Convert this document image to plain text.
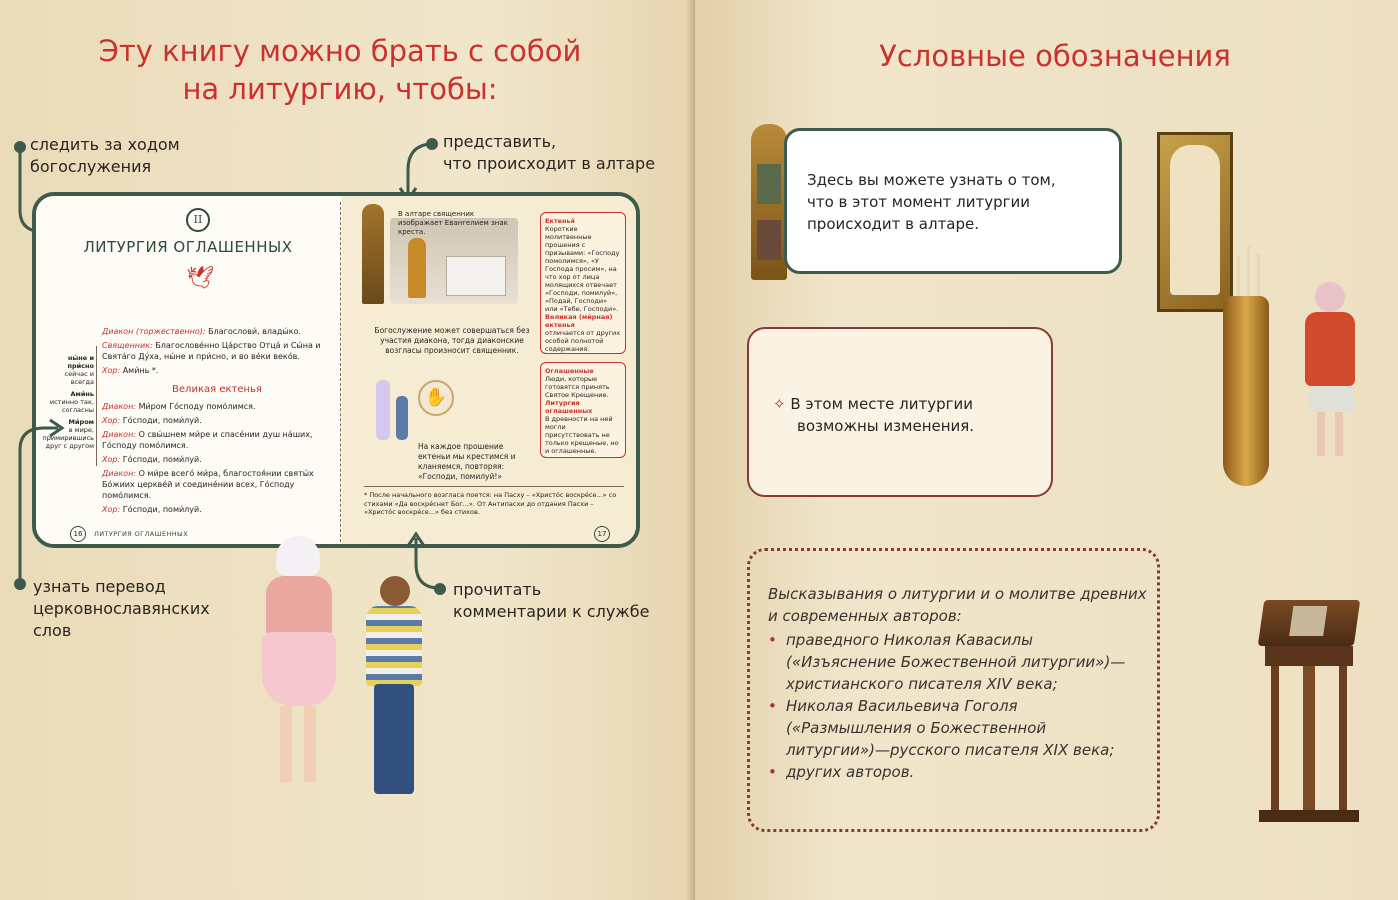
Эту книгу можно брать с собой
на литургию, чтобы:
следить за ходом
богослужения
представить,
что происходит в алтаре
II
ЛИТУРГИЯ ОГЛАШЕННЫХ
🕊
Диакон (торжественно): Благослови́, влады́ко.
Священник: Благослове́нно Ца́рство Отца́ и Сы́на и Свята́го Ду́ха, ны́не и при́сно, и во ве́ки веко́в.
Хор: Ами́нь *.
Великая ектенья
Диакон: Ми́ром Го́споду помо́лимся.
Хор: Го́споди, поми́луй.
Диакон: О свы́шнем ми́ре и спасе́нии душ на́ших, Го́споду помо́лимся.
Хор: Го́споди, поми́луй.
Диакон: О ми́ре всего́ ми́ра, благостоя́нии святы́х Бо́жиих церкве́й и соедине́нии всех, Го́споду помо́лимся.
Хор: Го́споди, поми́луй.
ны́не и при́сно
сейчас и всегда
Ами́нь
истинно так, согласны
Ми́ром
в мире, примирившись друг с другом
16	ЛИТУРГИЯ ОГЛАШЕННЫХ
В алтаре священник изображает Евангелием знак креста.
Богослужение может совершаться без участия диакона, тогда диаконские возгласы произносит священник.
✋
На каждое прошение ектеньи мы крестимся и кланяемся, повторяя: «Господи, помилуй!»
Ектенья́
Короткие молитвенные прошения с призывами: «Господу помолимся», «У Господа просим», на что хор от лица молящихся отвечает «Господи, помилуй», «Подай, Господи» или «Тебе, Господи».
Великая (ми́рная) ектенья
отличается от других особой полнотой содержания.
Оглашенные
Люди, которые готовятся принять Святое Крещение.
Литургия оглашенных
В древности на ней могли присутствовать не только крещеные, но и оглашенные.
* После начального возгласа поется: на Пасху – «Христо́с воскре́се...» со стихами «Да воскре́снет Бог...». От Антипасхи до отдания Пасхи – «Христо́с воскре́се...» без стихов.
17
узнать перевод
церковнославянских
слов
прочитать
комментарии к службе
Условные обозначения
Здесь вы можете узнать о том,
что в этот момент литургии
происходит в алтаре.
✧ В этом месте литургии
возможны изменения.
Высказывания о литургии и о молитве древних
и современных авторов:
• праведного Николая Кавасилы
(«Изъяснение Божественной литургии»)—
христианского писателя XIV века;
• Николая Васильевича Гоголя
(«Размышления о Божественной
литургии»)—русского писателя XIX века;
• других авторов.
